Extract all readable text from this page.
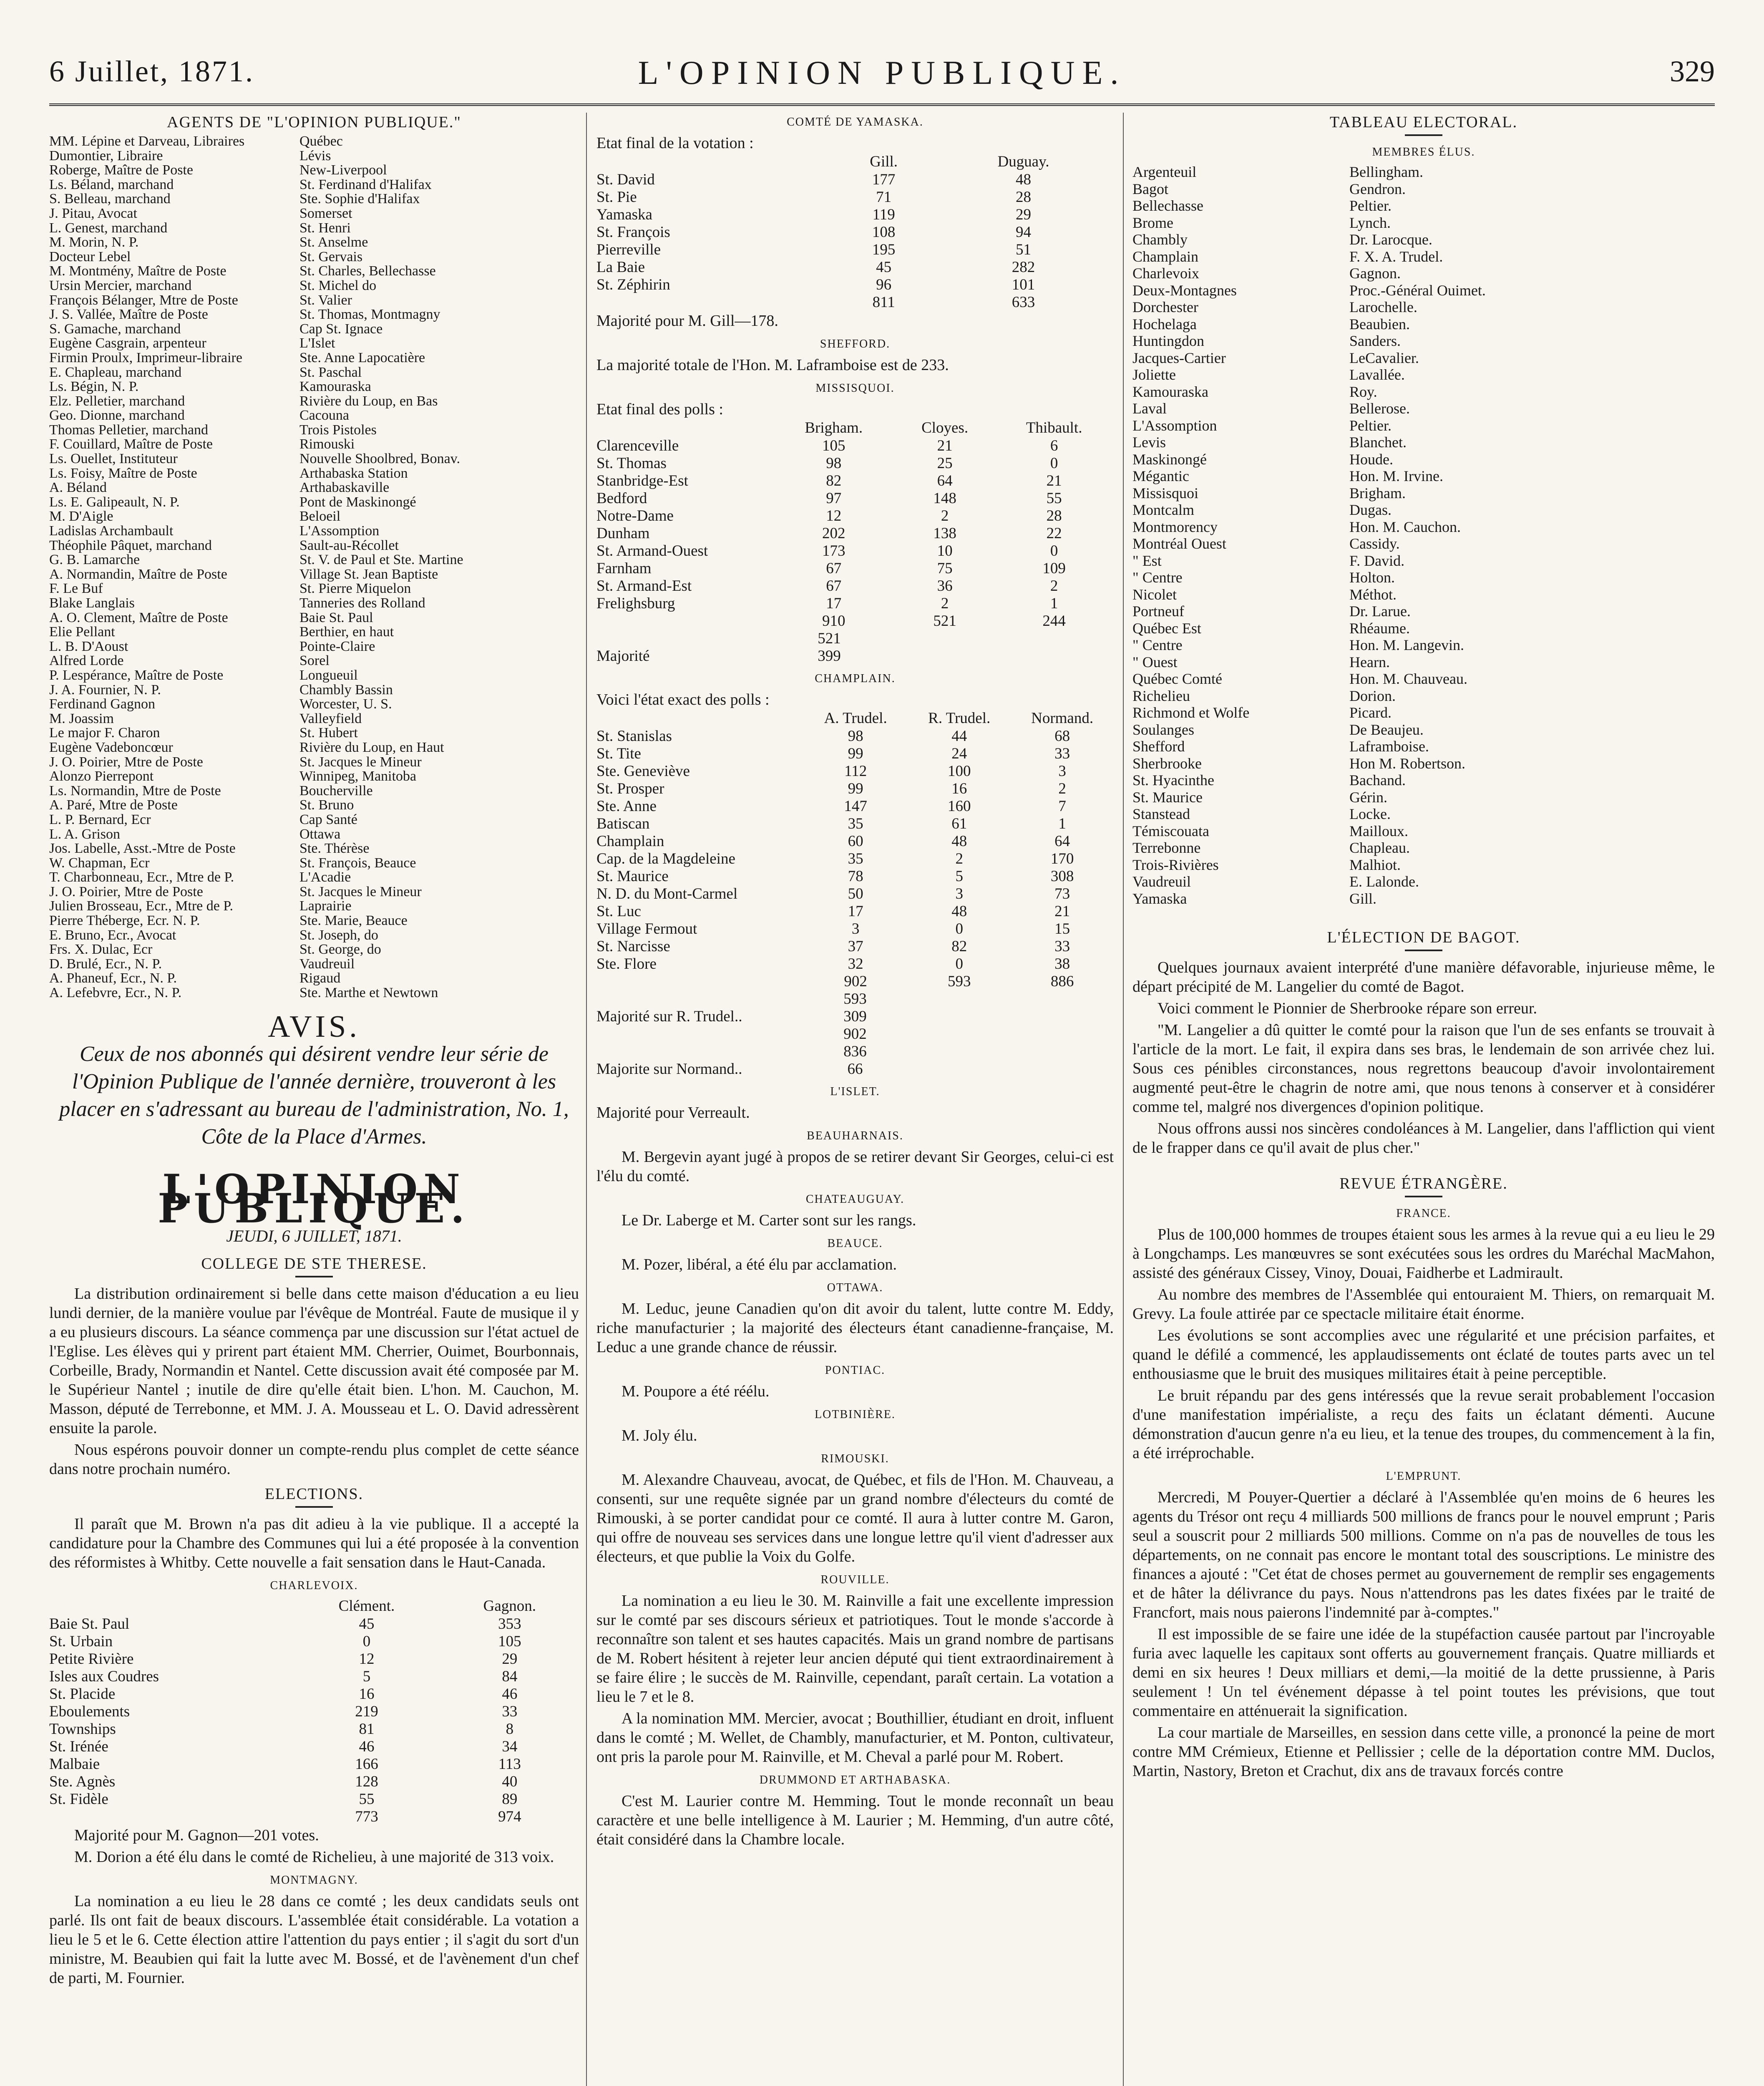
6 Juillet, 1871.	L'OPINION PUBLIQUE.	329
AGENTS DE "L'OPINION PUBLIQUE."
MM. Lépine et Darveau, Libraires	Québec
Dumontier, Libraire	Lévis
Roberge, Maître de Poste	New-Liverpool
Ls. Béland, marchand	St. Ferdinand d'Halifax
S. Belleau, marchand	Ste. Sophie d'Halifax
J. Pitau, Avocat	Somerset
L. Genest, marchand	St. Henri
M. Morin, N. P.	St. Anselme
Docteur Lebel	St. Gervais
M. Montmény, Maître de Poste	St. Charles, Bellechasse
Ursin Mercier, marchand	St. Michel do
François Bélanger, Mtre de Poste	St. Valier
J. S. Vallée, Maître de Poste	St. Thomas, Montmagny
S. Gamache, marchand	Cap St. Ignace
Eugène Casgrain, arpenteur	L'Islet
Firmin Proulx, Imprimeur-libraire	Ste. Anne Lapocatière
E. Chapleau, marchand	St. Paschal
Ls. Bégin, N. P.	Kamouraska
Elz. Pelletier, marchand	Rivière du Loup, en Bas
Geo. Dionne, marchand	Cacouna
Thomas Pelletier, marchand	Trois Pistoles
F. Couillard, Maître de Poste	Rimouski
Ls. Ouellet, Instituteur	Nouvelle Shoolbred, Bonav.
Ls. Foisy, Maître de Poste	Arthabaska Station
A. Béland	Arthabaskaville
Ls. E. Galipeault, N. P.	Pont de Maskinongé
M. D'Aigle	Beloeil
Ladislas Archambault	L'Assomption
Théophile Pâquet, marchand	Sault-au-Récollet
G. B. Lamarche	St. V. de Paul et Ste. Martine
A. Normandin, Maître de Poste	Village St. Jean Baptiste
F. Le Buf	St. Pierre Miquelon
Blake Langlais	Tanneries des Rolland
A. O. Clement, Maître de Poste	Baie St. Paul
Elie Pellant	Berthier, en haut
L. B. D'Aoust	Pointe-Claire
Alfred Lorde	Sorel
P. Lespérance, Maître de Poste	Longueuil
J. A. Fournier, N. P.	Chambly Bassin
Ferdinand Gagnon	Worcester, U. S.
M. Joassim	Valleyfield
Le major F. Charon	St. Hubert
Eugène Vadeboncœur	Rivière du Loup, en Haut
J. O. Poirier, Mtre de Poste	St. Jacques le Mineur
Alonzo Pierrepont	Winnipeg, Manitoba
Ls. Normandin, Mtre de Poste	Boucherville
A. Paré, Mtre de Poste	St. Bruno
L. P. Bernard, Ecr	Cap Santé
L. A. Grison	Ottawa
Jos. Labelle, Asst.-Mtre de Poste	Ste. Thérèse
W. Chapman, Ecr	St. François, Beauce
T. Charbonneau, Ecr., Mtre de P.	L'Acadie
J. O. Poirier, Mtre de Poste	St. Jacques le Mineur
Julien Brosseau, Ecr., Mtre de P.	Laprairie
Pierre Théberge, Ecr. N. P.	Ste. Marie, Beauce
E. Bruno, Ecr., Avocat	St. Joseph, do
Frs. X. Dulac, Ecr	St. George, do
D. Brulé, Ecr., N. P.	Vaudreuil
A. Phaneuf, Ecr., N. P.	Rigaud
A. Lefebvre, Ecr., N. P.	Ste. Marthe et Newtown
AVIS.
Ceux de nos abonnés qui désirent vendre leur série de l'Opinion Publique de l'année dernière, trouveront à les placer en s'adressant au bureau de l'administration, No. 1, Côte de la Place d'Armes.
L'OPINION PUBLIQUE.
JEUDI, 6 JUILLET, 1871.
COLLEGE DE STE THERESE.

La distribution ordinairement si belle dans cette maison d'éducation a eu lieu lundi dernier, de la manière voulue par l'évêque de Montréal. Faute de musique il y a eu plusieurs discours. La séance commença par une discussion sur l'état actuel de l'Eglise. Les élèves qui y prirent part étaient MM. Cherrier, Ouimet, Bourbonnais, Corbeille, Brady, Normandin et Nantel. Cette discussion avait été composée par M. le Supérieur Nantel ; inutile de dire qu'elle était bien. L'hon. M. Cauchon, M. Masson, député de Terrebonne, et MM. J. A. Mousseau et L. O. David adressèrent ensuite la parole.

Nous espérons pouvoir donner un compte-rendu plus complet de cette séance dans notre prochain numéro.

ELECTIONS.

Il paraît que M. Brown n'a pas dit adieu à la vie publique. Il a accepté la candidature pour la Chambre des Communes qui lui a été proposée à la convention des réformistes à Whitby. Cette nouvelle a fait sensation dans le Haut-Canada.

CHARLEVOIX.
	Clément.	Gagnon.
Baie St. Paul	45	353
St. Urbain	0	105
Petite Rivière	12	29
Isles aux Coudres	5	84
St. Placide	16	46
Eboulements	219	33
Townships	81	8
St. Irénée	46	34
Malbaie	166	113
Ste. Agnès	128	40
St. Fidèle	55	89
	773	974

Majorité pour M. Gagnon—201 votes.

M. Dorion a été élu dans le comté de Richelieu, à une majorité de 313 voix.

MONTMAGNY.

La nomination a eu lieu le 28 dans ce comté ; les deux candidats seuls ont parlé. Ils ont fait de beaux discours. L'assemblée était considérable. La votation a lieu le 5 et le 6. Cette élection attire l'attention du pays entier ; il s'agit du sort d'un ministre, M. Beaubien qui fait la lutte avec M. Bossé, et de l'avènement d'un chef de parti, M. Fournier.

COMTÉ DE YAMASKA.
Etat final de la votation :
	Gill.	Duguay.
St. David	177	48
St. Pie	71	28
Yamaska	119	29
St. François	108	94
Pierreville	195	51
La Baie	45	282
St. Zéphirin	96	101
	811	633
Majorité pour M. Gill—178.
SHEFFORD.
La majorité totale de l'Hon. M. Laframboise est de 233.
MISSISQUOI.
Etat final des polls :
	Brigham.	Cloyes.	Thibault.
Clarenceville	105	21	6
St. Thomas	98	25	0
Stanbridge-Est	82	64	21
Bedford	97	148	55
Notre-Dame	12	2	28
Dunham	202	138	22
St. Armand-Ouest	173	10	0
Farnham	67	75	109
St. Armand-Est	67	36	2
Frelighsburg	17	2	1
	910	521	244
	521		
Majorité	399		
CHAMPLAIN.
Voici l'état exact des polls :
	A. Trudel.	R. Trudel.	Normand.
St. Stanislas	98	44	68
St. Tite	99	24	33
Ste. Geneviève	112	100	3
St. Prosper	99	16	2
Ste. Anne	147	160	7
Batiscan	35	61	1
Champlain	60	48	64
Cap. de la Magdeleine	35	2	170
St. Maurice	78	5	308
N. D. du Mont-Carmel	50	3	73
St. Luc	17	48	21
Village Fermout	3	0	15
St. Narcisse	37	82	33
Ste. Flore	32	0	38
	902	593	886
	593		
Majorité sur R. Trudel..	309		
	902		
	836		
Majorite sur Normand..	66		
L'ISLET.
Majorité pour Verreault.
BEAUHARNAIS.

M. Bergevin ayant jugé à propos de se retirer devant Sir Georges, celui-ci est l'élu du comté.

CHATEAUGUAY.

Le Dr. Laberge et M. Carter sont sur les rangs.

BEAUCE.

M. Pozer, libéral, a été élu par acclamation.

OTTAWA.

M. Leduc, jeune Canadien qu'on dit avoir du talent, lutte contre M. Eddy, riche manufacturier ; la majorité des électeurs étant canadienne-française, M. Leduc a une grande chance de réussir.

PONTIAC.

M. Poupore a été réélu.

LOTBINIÈRE.

M. Joly élu.

RIMOUSKI.

M. Alexandre Chauveau, avocat, de Québec, et fils de l'Hon. M. Chauveau, a consenti, sur une requête signée par un grand nombre d'électeurs du comté de Rimouski, à se porter candidat pour ce comté. Il aura à lutter contre M. Garon, qui offre de nouveau ses services dans une longue lettre qu'il vient d'adresser aux électeurs, et que publie la Voix du Golfe.

ROUVILLE.

La nomination a eu lieu le 30. M. Rainville a fait une excellente impression sur le comté par ses discours sérieux et patriotiques. Tout le monde s'accorde à reconnaître son talent et ses hautes capacités. Mais un grand nombre de partisans de M. Robert hésitent à rejeter leur ancien député qui tient extraordinairement à se faire élire ; le succès de M. Rainville, cependant, paraît certain. La votation a lieu le 7 et le 8.

A la nomination MM. Mercier, avocat ; Bouthillier, étudiant en droit, influent dans le comté ; M. Wellet, de Chambly, manufacturier, et M. Ponton, cultivateur, ont pris la parole pour M. Rainville, et M. Cheval a parlé pour M. Robert.

DRUMMOND ET ARTHABASKA.

C'est M. Laurier contre M. Hemming. Tout le monde reconnaît un beau caractère et une belle intelligence à M. Laurier ; M. Hemming, d'un autre côté, était considéré dans la Chambre locale.

TABLEAU ELECTORAL.
MEMBRES ÉLUS.
Argenteuil	Bellingham.
Bagot	Gendron.
Bellechasse	Peltier.
Brome	Lynch.
Chambly	Dr. Larocque.
Champlain	F. X. A. Trudel.
Charlevoix	Gagnon.
Deux-Montagnes	Proc.-Général Ouimet.
Dorchester	Larochelle.
Hochelaga	Beaubien.
Huntingdon	Sanders.
Jacques-Cartier	LeCavalier.
Joliette	Lavallée.
Kamouraska	Roy.
Laval	Bellerose.
L'Assomption	Peltier.
Levis	Blanchet.
Maskinongé	Houde.
Mégantic	Hon. M. Irvine.
Missisquoi	Brigham.
Montcalm	Dugas.
Montmorency	Hon. M. Cauchon.
Montréal Ouest	Cassidy.
" Est	F. David.
" Centre	Holton.
Nicolet	Méthot.
Portneuf	Dr. Larue.
Québec Est	Rhéaume.
" Centre	Hon. M. Langevin.
" Ouest	Hearn.
Québec Comté	Hon. M. Chauveau.
Richelieu	Dorion.
Richmond et Wolfe	Picard.
Soulanges	De Beaujeu.
Shefford	Laframboise.
Sherbrooke	Hon M. Robertson.
St. Hyacinthe	Bachand.
St. Maurice	Gérin.
Stanstead	Locke.
Témiscouata	Mailloux.
Terrebonne	Chapleau.
Trois-Rivières	Malhiot.
Vaudreuil	E. Lalonde.
Yamaska	Gill.
L'ÉLECTION DE BAGOT.

Quelques journaux avaient interprété d'une manière défavorable, injurieuse même, le départ précipité de M. Langelier du comté de Bagot.

Voici comment le Pionnier de Sherbrooke répare son erreur.

"M. Langelier a dû quitter le comté pour la raison que l'un de ses enfants se trouvait à l'article de la mort. Le fait, il expira dans ses bras, le lendemain de son arrivée chez lui. Sous ces pénibles circonstances, nous regrettons beaucoup d'avoir involontairement augmenté peut-être le chagrin de notre ami, que nous tenons à conserver et à considérer comme tel, malgré nos divergences d'opinion politique.

Nous offrons aussi nos sincères condoléances à M. Langelier, dans l'affliction qui vient de le frapper dans ce qu'il avait de plus cher."

REVUE ÉTRANGÈRE.
FRANCE.

Plus de 100,000 hommes de troupes étaient sous les armes à la revue qui a eu lieu le 29 à Longchamps. Les manœuvres se sont exécutées sous les ordres du Maréchal MacMahon, assisté des généraux Cissey, Vinoy, Douai, Faidherbe et Ladmirault.

Au nombre des membres de l'Assemblée qui entouraient M. Thiers, on remarquait M. Grevy. La foule attirée par ce spectacle militaire était énorme.

Les évolutions se sont accomplies avec une régularité et une précision parfaites, et quand le défilé a commencé, les applaudissements ont éclaté de toutes parts avec un tel enthousiasme que le bruit des musiques militaires était à peine perceptible.

Le bruit répandu par des gens intéressés que la revue serait probablement l'occasion d'une manifestation impérialiste, a reçu des faits un éclatant démenti. Aucune démonstration d'aucun genre n'a eu lieu, et la tenue des troupes, du commencement à la fin, a été irréprochable.

L'EMPRUNT.

Mercredi, M Pouyer-Quertier a déclaré à l'Assemblée qu'en moins de 6 heures les agents du Trésor ont reçu 4 milliards 500 millions de francs pour le nouvel emprunt ; Paris seul a souscrit pour 2 milliards 500 millions. Comme on n'a pas de nouvelles de tous les départements, on ne connait pas encore le montant total des souscriptions. Le ministre des finances a ajouté : "Cet état de choses permet au gouvernement de remplir ses engagements et de hâter la délivrance du pays. Nous n'attendrons pas les dates fixées par le traité de Francfort, mais nous paierons l'indemnité par à-comptes."

Il est impossible de se faire une idée de la stupéfaction causée partout par l'incroyable furia avec laquelle les capitaux sont offerts au gouvernement français. Quatre milliards et demi en six heures ! Deux milliars et demi,—la moitié de la dette prussienne, à Paris seulement ! Un tel événement dépasse à tel point toutes les prévisions, que tout commentaire en atténuerait la signification.

La cour martiale de Marseilles, en session dans cette ville, a prononcé la peine de mort contre MM Crémieux, Etienne et Pellissier ; celle de la déportation contre MM. Duclos, Martin, Nastory, Breton et Crachut, dix ans de travaux forcés contre
